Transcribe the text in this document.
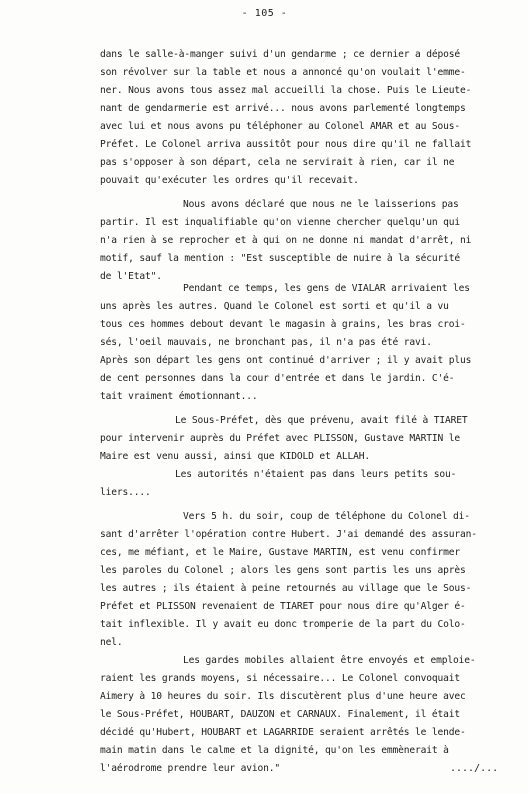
- 105 -
dans le salle-à-manger suivi d'un gendarme ; ce dernier a déposé
son révolver sur la table et nous a annoncé qu'on voulait l'emme-
ner. Nous avons tous assez mal accueilli la chose. Puis le Lieute-
nant de gendarmerie est arrivé... nous avons parlementé longtemps
avec lui et nous avons pu téléphoner au Colonel AMAR et au Sous-
Préfet. Le Colonel arriva aussitôt pour nous dire qu'il ne fallait
pas s'opposer à son départ, cela ne servirait à rien, car il ne
pouvait qu'exécuter les ordres qu'il recevait.
Nous avons déclaré que nous ne le laisserions pas
partir. Il est inqualifiable qu'on vienne chercher quelqu'un qui
n'a rien à se reprocher et à qui on ne donne ni mandat d'arrêt, ni
motif, sauf la mention : "Est susceptible de nuire à la sécurité
de l'Etat".
Pendant ce temps, les gens de VIALAR arrivaient les
uns après les autres. Quand le Colonel est sorti et qu'il a vu
tous ces hommes debout devant le magasin à grains, les bras croi-
sés, l'oeil mauvais, ne bronchant pas, il n'a pas été ravi.
Après son départ les gens ont continué d'arriver ; il y avait plus
de cent personnes dans la cour d'entrée et dans le jardin. C'é-
tait vraiment émotionnant...
Le Sous-Préfet, dès que prévenu, avait filé à TIARET
pour intervenir auprès du Préfet avec PLISSON, Gustave MARTIN le
Maire est venu aussi, ainsi que KIDOLD et ALLAH.
Les autorités n'étaient pas dans leurs petits sou-
liers....
Vers 5 h. du soir, coup de téléphone du Colonel di-
sant d'arrêter l'opération contre Hubert. J'ai demandé des assuran-
ces, me méfiant, et le Maire, Gustave MARTIN, est venu confirmer
les paroles du Colonel ; alors les gens sont partis les uns après
les autres ; ils étaient à peine retournés au village que le Sous-
Préfet et PLISSON revenaient de TIARET pour nous dire qu'Alger é-
tait inflexible. Il y avait eu donc tromperie de la part du Colo-
nel.
Les gardes mobiles allaient être envoyés et emploie-
raient les grands moyens, si nécessaire... Le Colonel convoquait
Aimery à 10 heures du soir. Ils discutèrent plus d'une heure avec
le Sous-Préfet, HOUBART, DAUZON et CARNAUX. Finalement, il était
décidé qu'Hubert, HOUBART et LAGARRIDE seraient arrêtés le lende-
main matin dans le calme et la dignité, qu'on les emmènerait à
l'aérodrome prendre leur avion."	..../...
